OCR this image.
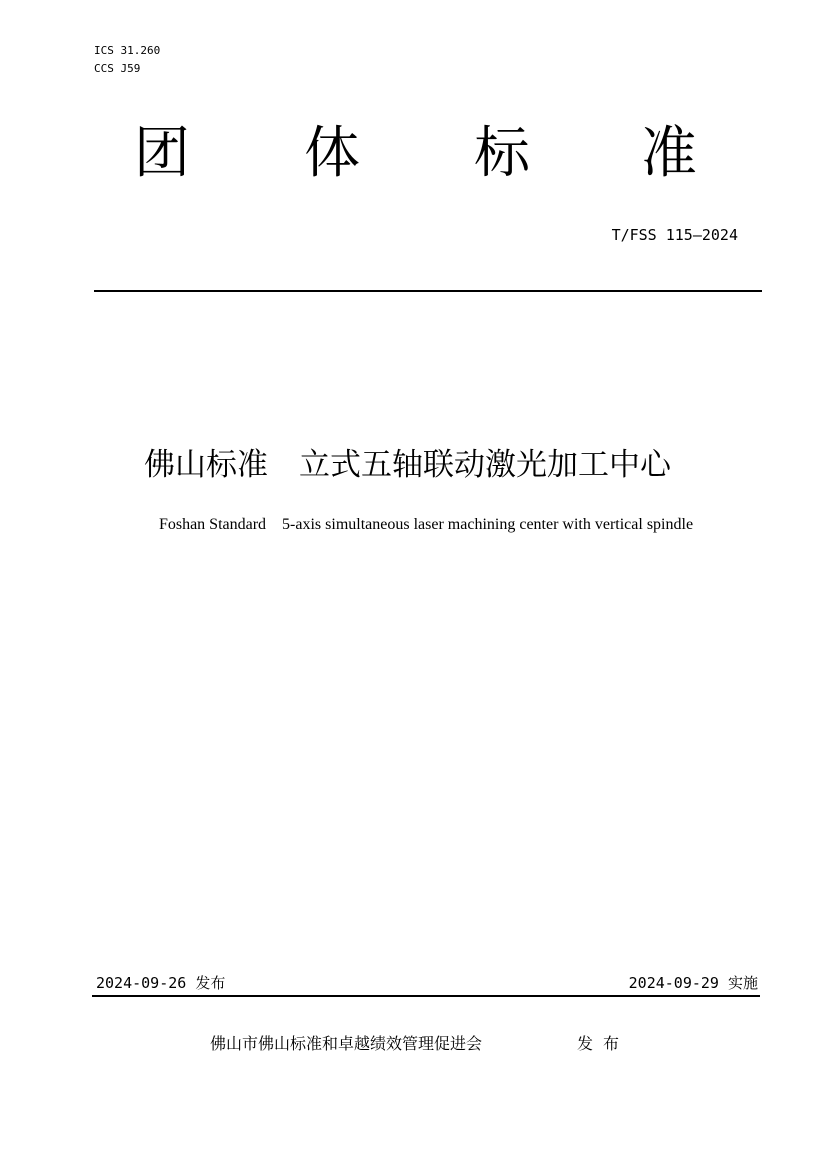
ICS 31.260
CCS J59
团 体 标 准
T/FSS 115—2024
佛山标准　立式五轴联动激光加工中心
Foshan Standard　5-axis simultaneous laser machining center with vertical spindle
2024-09-26 发布	2024-09-29 实施
佛山市佛山标准和卓越绩效管理促进会	发布
